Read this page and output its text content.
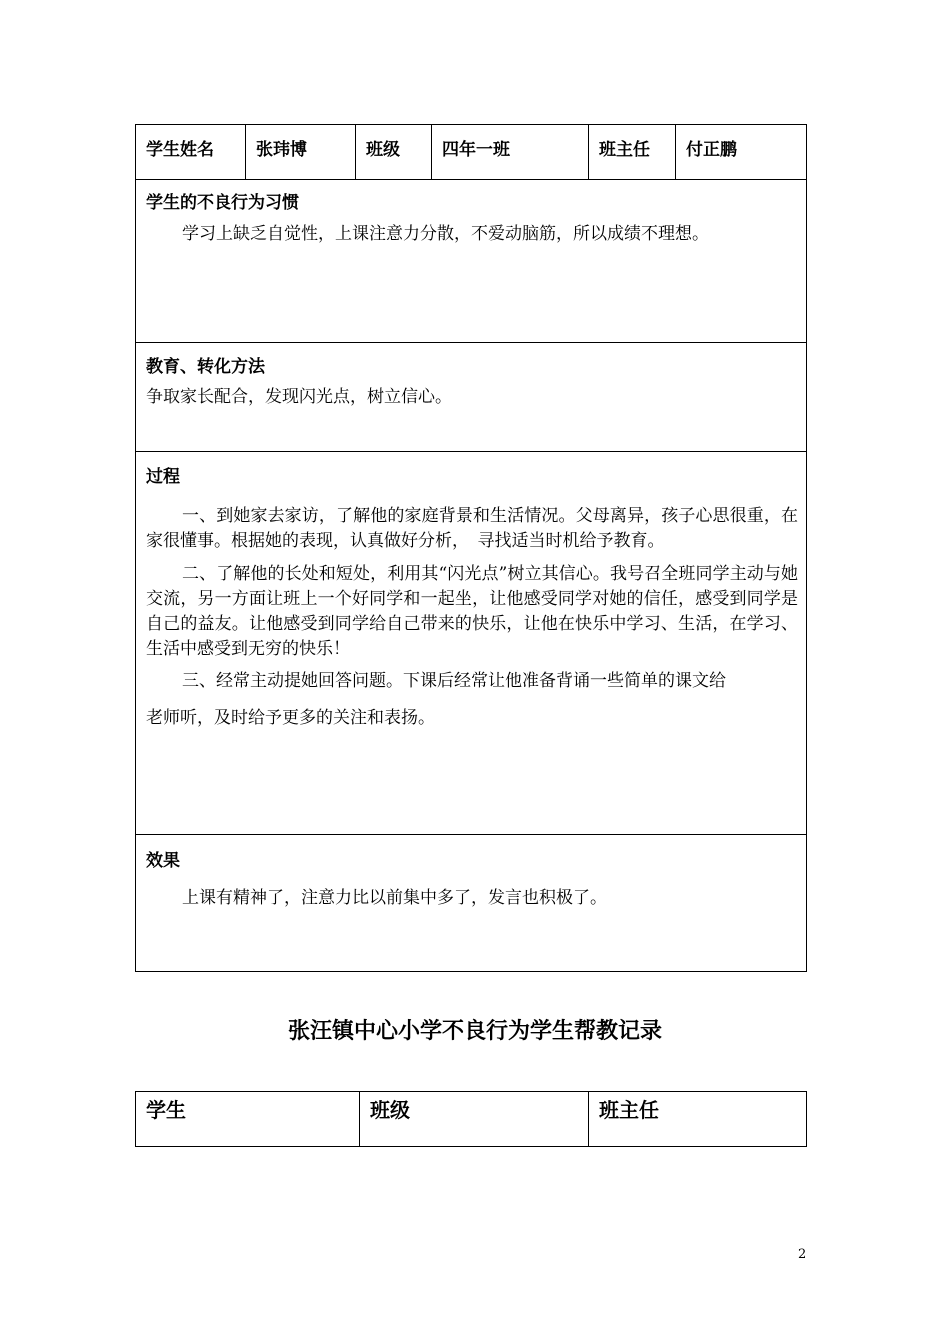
学生姓名	张玮博	班级	四年一班	班主任	付正鹏

学生的不良行为习惯
学习上缺乏自觉性，上课注意力分散，不爱动脑筋，所以成绩不理想。

教育、转化方法
争取家长配合，发现闪光点，树立信心。

过程
一、到她家去家访，了解他的家庭背景和生活情况。父母离异，孩子心思很重，在家很懂事。根据她的表现，认真做好分析，　寻找适当时机给予教育。
二、了解他的长处和短处，利用其“闪光点”树立其信心。我号召全班同学主动与她交流，另一方面让班上一个好同学和一起坐，让他感受同学对她的信任，感受到同学是自己的益友。让他感受到同学给自己带来的快乐，让他在快乐中学习、生活，在学习、生活中感受到无穷的快乐！
三、经常主动提她回答问题。下课后经常让他准备背诵一些简单的课文给
老师听，及时给予更多的关注和表扬。

效果
上课有精神了，注意力比以前集中多了，发言也积极了。
张汪镇中心小学不良行为学生帮教记录
学生	班级	班主任
2
